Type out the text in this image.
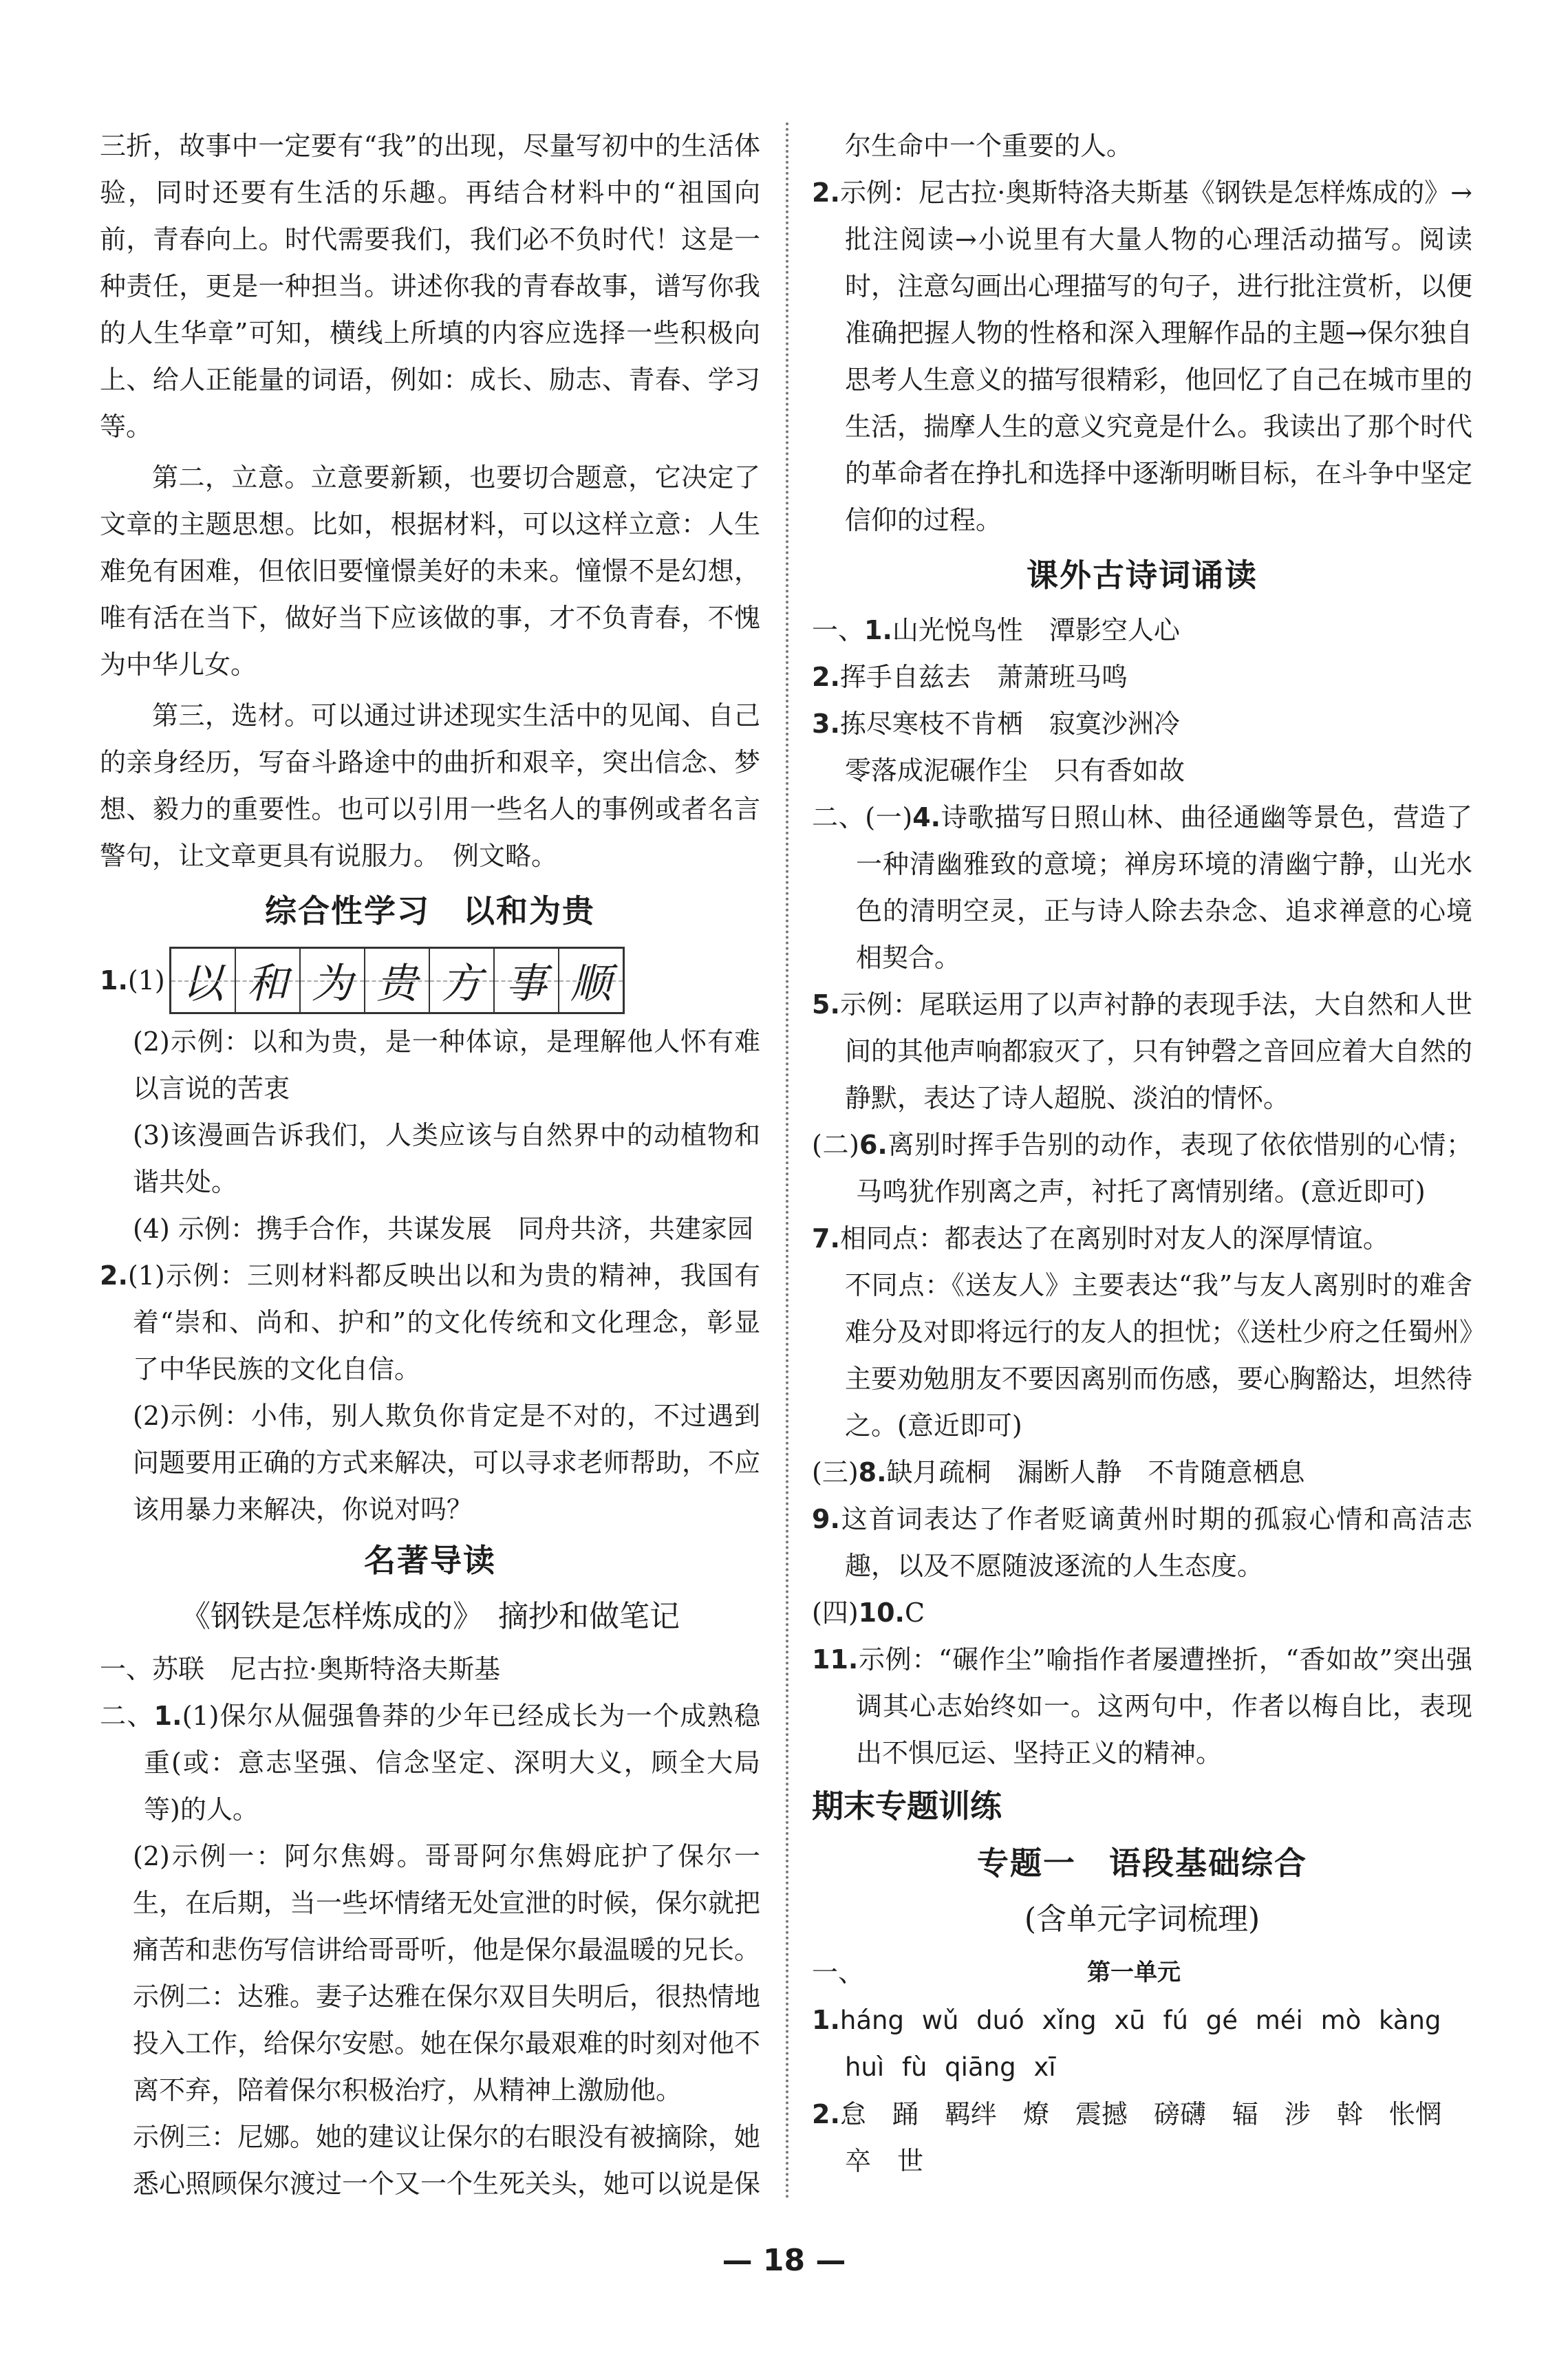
三折，故事中一定要有“我”的出现，尽量写初中的生活体验，同时还要有生活的乐趣。再结合材料中的“祖国向前，青春向上。时代需要我们，我们必不负时代！这是一种责任，更是一种担当。讲述你我的青春故事，谱写你我的人生华章”可知，横线上所填的内容应选择一些积极向上、给人正能量的词语，例如：成长、励志、青春、学习等。

第二，立意。立意要新颖，也要切合题意，它决定了文章的主题思想。比如，根据材料，可以这样立意：人生难免有困难，但依旧要憧憬美好的未来。憧憬不是幻想，唯有活在当下，做好当下应该做的事，才不负青春，不愧为中华儿女。

第三，选材。可以通过讲述现实生活中的见闻、自己的亲身经历，写奋斗路途中的曲折和艰辛，突出信念、梦想、毅力的重要性。也可以引用一些名人的事例或者名言警句，让文章更具有说服力。　例文略。

综合性学习　以和为贵
1. (1) 以 和 为 贵 方 事 顺

(2)示例：以和为贵，是一种体谅，是理解他人怀有难以言说的苦衷

(3)该漫画告诉我们，人类应该与自然界中的动植物和谐共处。

(4) 示例：携手合作，共谋发展　同舟共济，共建家园

2.(1)示例：三则材料都反映出以和为贵的精神，我国有着“崇和、尚和、护和”的文化传统和文化理念，彰显了中华民族的文化自信。

(2)示例：小伟，别人欺负你肯定是不对的，不过遇到问题要用正确的方式来解决，可以寻求老师帮助，不应该用暴力来解决，你说对吗？

名著导读
《钢铁是怎样炼成的》　摘抄和做笔记

一、苏联　尼古拉·奥斯特洛夫斯基

二、1.(1)保尔从倔强鲁莽的少年已经成长为一个成熟稳重(或：意志坚强、信念坚定、深明大义，顾全大局等)的人。

(2)示例一：阿尔焦姆。哥哥阿尔焦姆庇护了保尔一生，在后期，当一些坏情绪无处宣泄的时候，保尔就把痛苦和悲伤写信讲给哥哥听，他是保尔最温暖的兄长。

示例二：达雅。妻子达雅在保尔双目失明后，很热情地投入工作，给保尔安慰。她在保尔最艰难的时刻对他不离不弃，陪着保尔积极治疗，从精神上激励他。

示例三：尼娜。她的建议让保尔的右眼没有被摘除，她悉心照顾保尔渡过一个又一个生死关头，她可以说是保

尔生命中一个重要的人。

2.示例：尼古拉·奥斯特洛夫斯基《钢铁是怎样炼成的》→批注阅读→小说里有大量人物的心理活动描写。阅读时，注意勾画出心理描写的句子，进行批注赏析，以便准确把握人物的性格和深入理解作品的主题→保尔独自思考人生意义的描写很精彩，他回忆了自己在城市里的生活，揣摩人生的意义究竟是什么。我读出了那个时代的革命者在挣扎和选择中逐渐明晰目标，在斗争中坚定信仰的过程。

课外古诗词诵读

一、1.山光悦鸟性　潭影空人心

2.挥手自兹去　萧萧班马鸣

3.拣尽寒枝不肯栖　寂寞沙洲冷

零落成泥碾作尘　只有香如故

二、(一)4.诗歌描写日照山林、曲径通幽等景色，营造了一种清幽雅致的意境；禅房环境的清幽宁静，山光水色的清明空灵，正与诗人除去杂念、追求禅意的心境相契合。

5.示例：尾联运用了以声衬静的表现手法，大自然和人世间的其他声响都寂灭了，只有钟磬之音回应着大自然的静默，表达了诗人超脱、淡泊的情怀。

(二)6.离别时挥手告别的动作，表现了依依惜别的心情；马鸣犹作别离之声，衬托了离情别绪。(意近即可)

7.相同点：都表达了在离别时对友人的深厚情谊。

不同点：《送友人》主要表达“我”与友人离别时的难舍难分及对即将远行的友人的担忧；《送杜少府之任蜀州》主要劝勉朋友不要因离别而伤感，要心胸豁达，坦然待之。(意近即可)

(三)8.缺月疏桐　漏断人静　不肯随意栖息

9.这首词表达了作者贬谪黄州时期的孤寂心情和高洁志趣，以及不愿随波逐流的人生态度。

(四)10.C

11.示例：“碾作尘”喻指作者屡遭挫折，“香如故”突出强调其心志始终如一。这两句中，作者以梅自比，表现出不惧厄运、坚持正义的精神。

期末专题训练
专题一　语段基础综合
(含单元字词梳理)
一、	第一单元

1.háng wǔ duó xǐng xū fú gé méi mò kàng

huì fù qiāng xī

2.怠　踊　羁绊　燎　震撼　磅礴　辐　涉　斡　怅惘

卒　世

— 18 —
